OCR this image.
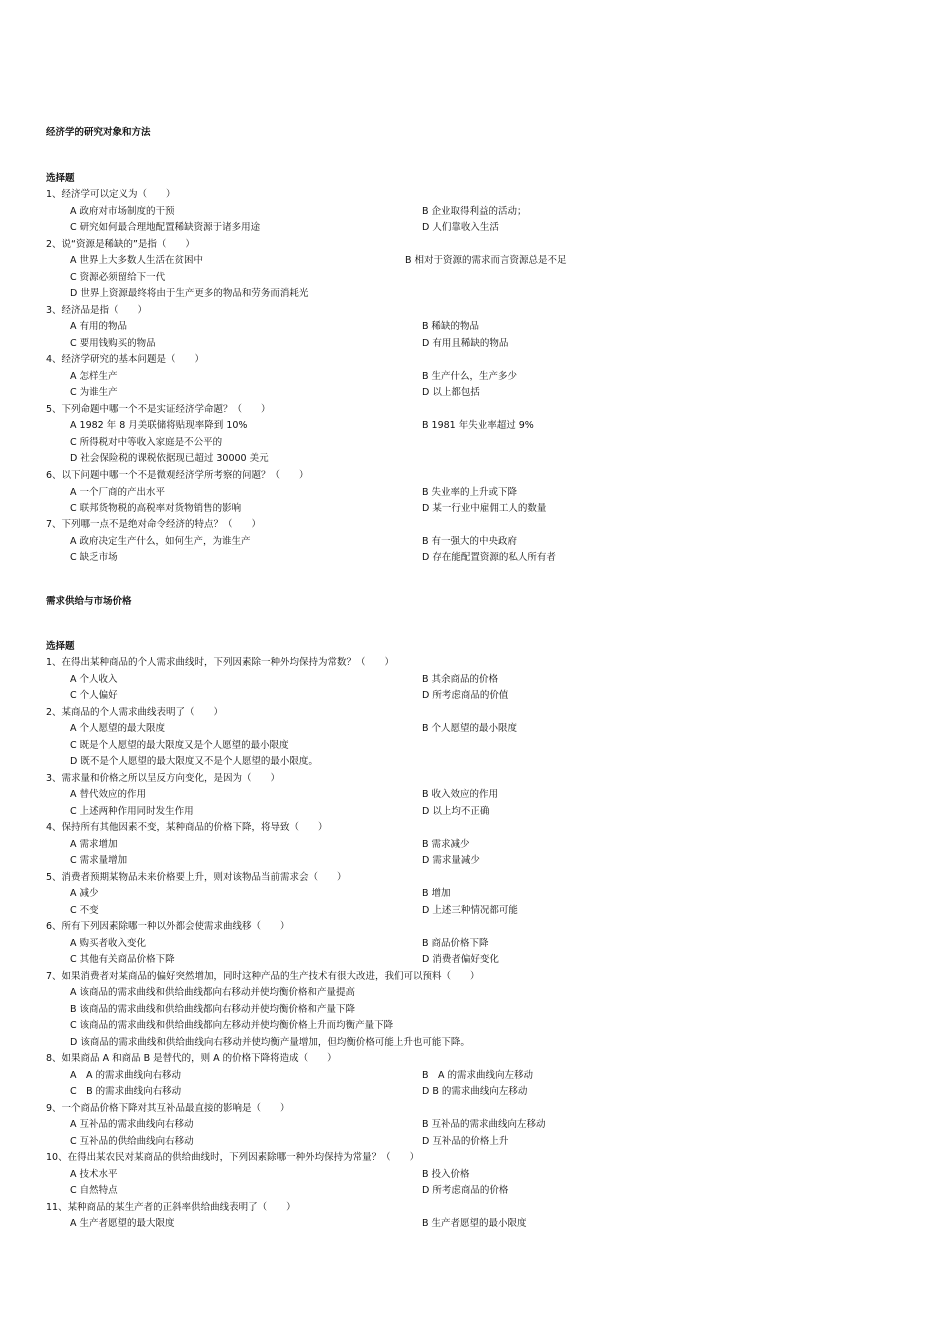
经济学的研究对象和方法
选择题
1、经济学可以定义为（　　）
A 政府对市场制度的干预	B 企业取得利益的活动；
C 研究如何最合理地配置稀缺资源于诸多用途	D 人们靠收入生活
2、说“资源是稀缺的”是指（　　）
A 世界上大多数人生活在贫困中	B 相对于资源的需求而言资源总是不足
C 资源必须留给下一代
D 世界上资源最终将由于生产更多的物品和劳务而消耗光
3、经济品是指（　　）
A 有用的物品	B 稀缺的物品
C 要用钱购买的物品	D 有用且稀缺的物品
4、经济学研究的基本问题是（　　）
A 怎样生产	B 生产什么，生产多少
C 为谁生产	D 以上都包括
5、下列命题中哪一个不是实证经济学命题？（　　）
A 1982 年 8 月美联储将贴现率降到 10%	B 1981 年失业率超过 9%
C 所得税对中等收入家庭是不公平的
D 社会保险税的课税依据现已超过 30000 美元
6、以下问题中哪一个不是微观经济学所考察的问题？（　　）
A 一个厂商的产出水平	B 失业率的上升或下降
C 联邦货物税的高税率对货物销售的影响	D 某一行业中雇佣工人的数量
7、下列哪一点不是绝对命令经济的特点？（　　）
A 政府决定生产什么，如何生产，为谁生产	B 有一强大的中央政府
C 缺乏市场	D 存在能配置资源的私人所有者
需求供给与市场价格
选择题
1、在得出某种商品的个人需求曲线时，下列因素除一种外均保持为常数？（　　）
A 个人收入	B 其余商品的价格
C 个人偏好	D 所考虑商品的价值
2、某商品的个人需求曲线表明了（　　）
A 个人愿望的最大限度	B 个人愿望的最小限度
C 既是个人愿望的最大限度又是个人愿望的最小限度
D 既不是个人愿望的最大限度又不是个人愿望的最小限度。
3、需求量和价格之所以呈反方向变化，是因为（　　）
A 替代效应的作用	B 收入效应的作用
C 上述两种作用同时发生作用	D 以上均不正确
4、保持所有其他因素不变，某种商品的价格下降，将导致（　　）
A 需求增加	B 需求减少
C 需求量增加	D 需求量减少
5、消费者预期某物品未来价格要上升，则对该物品当前需求会（　　）
A 减少	B 增加
C 不变	D 上述三种情况都可能
6、所有下列因素除哪一种以外都会使需求曲线移（　　）
A 购买者收入变化	B 商品价格下降
C 其他有关商品价格下降	D 消费者偏好变化
7、如果消费者对某商品的偏好突然增加，同时这种产品的生产技术有很大改进，我们可以预料（　　）
A 该商品的需求曲线和供给曲线都向右移动并使均衡价格和产量提高
B 该商品的需求曲线和供给曲线都向右移动并使均衡价格和产量下降
C 该商品的需求曲线和供给曲线都向左移动并使均衡价格上升而均衡产量下降
D 该商品的需求曲线和供给曲线向右移动并使均衡产量增加，但均衡价格可能上升也可能下降。
8、如果商品 A 和商品 B 是替代的，则 A 的价格下降将造成（　　）
A　A 的需求曲线向右移动	B　A 的需求曲线向左移动
C　B 的需求曲线向右移动	D B 的需求曲线向左移动
9、一个商品价格下降对其互补品最直接的影响是（　　）
A 互补品的需求曲线向右移动	B 互补品的需求曲线向左移动
C 互补品的供给曲线向右移动	D 互补品的价格上升
10、在得出某农民对某商品的供给曲线时，下列因素除哪一种外均保持为常量？（　　）
A 技术水平	B 投入价格
C 自然特点	D 所考虑商品的价格
11、某种商品的某生产者的正斜率供给曲线表明了（　　）
A 生产者愿望的最大限度	B 生产者愿望的最小限度
